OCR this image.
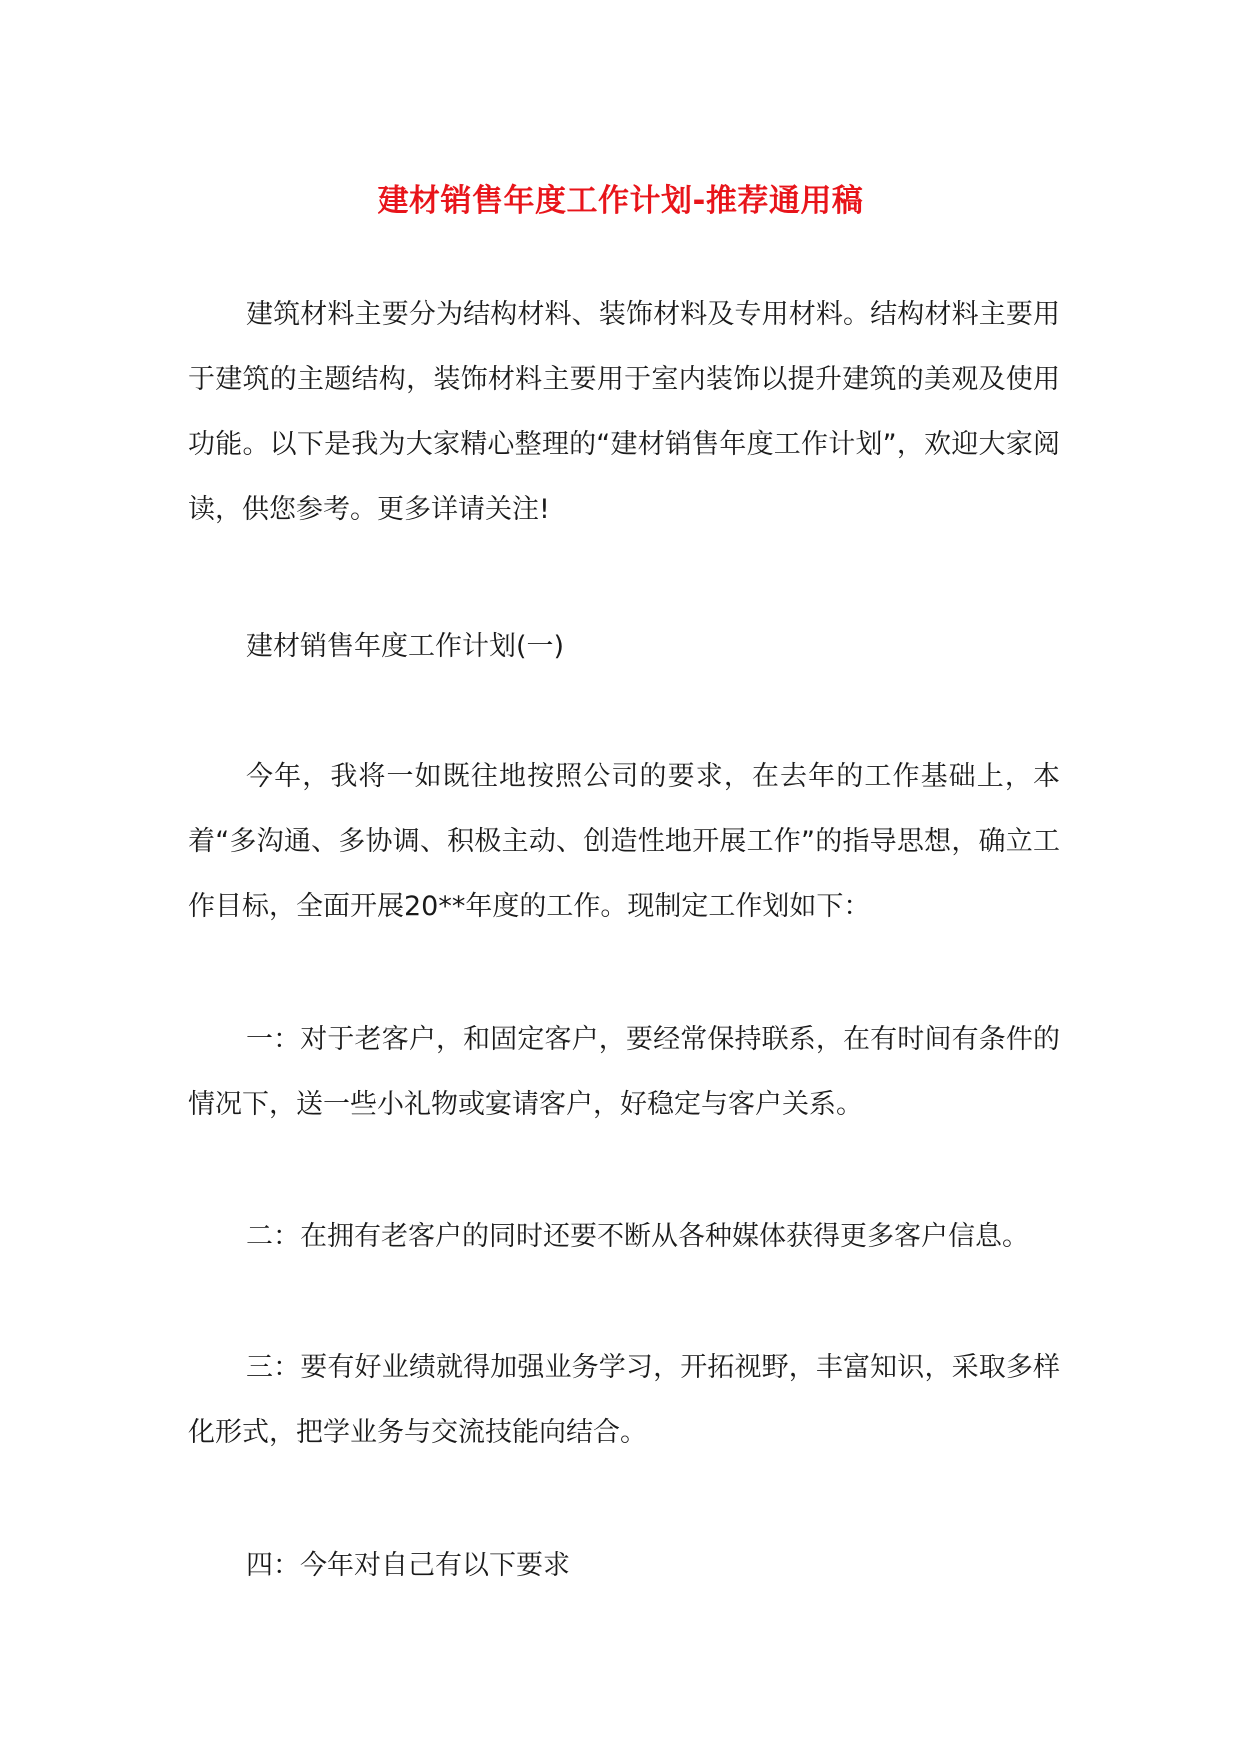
建材销售年度工作计划-推荐通用稿

建筑材料主要分为结构材料、装饰材料及专用材料。结构材料主要用于建筑的主题结构，装饰材料主要用于室内装饰以提升建筑的美观及使用功能。以下是我为大家精心整理的“建材销售年度工作计划”，欢迎大家阅读，供您参考。更多详请关注!

建材销售年度工作计划(一)

今年，我将一如既往地按照公司的要求，在去年的工作基础上，本着“多沟通、多协调、积极主动、创造性地开展工作”的指导思想，确立工作目标，全面开展20**年度的工作。现制定工作划如下：

一：对于老客户，和固定客户，要经常保持联系，在有时间有条件的情况下，送一些小礼物或宴请客户，好稳定与客户关系。

二：在拥有老客户的同时还要不断从各种媒体获得更多客户信息。

三：要有好业绩就得加强业务学习，开拓视野，丰富知识，采取多样化形式，把学业务与交流技能向结合。

四：今年对自己有以下要求
